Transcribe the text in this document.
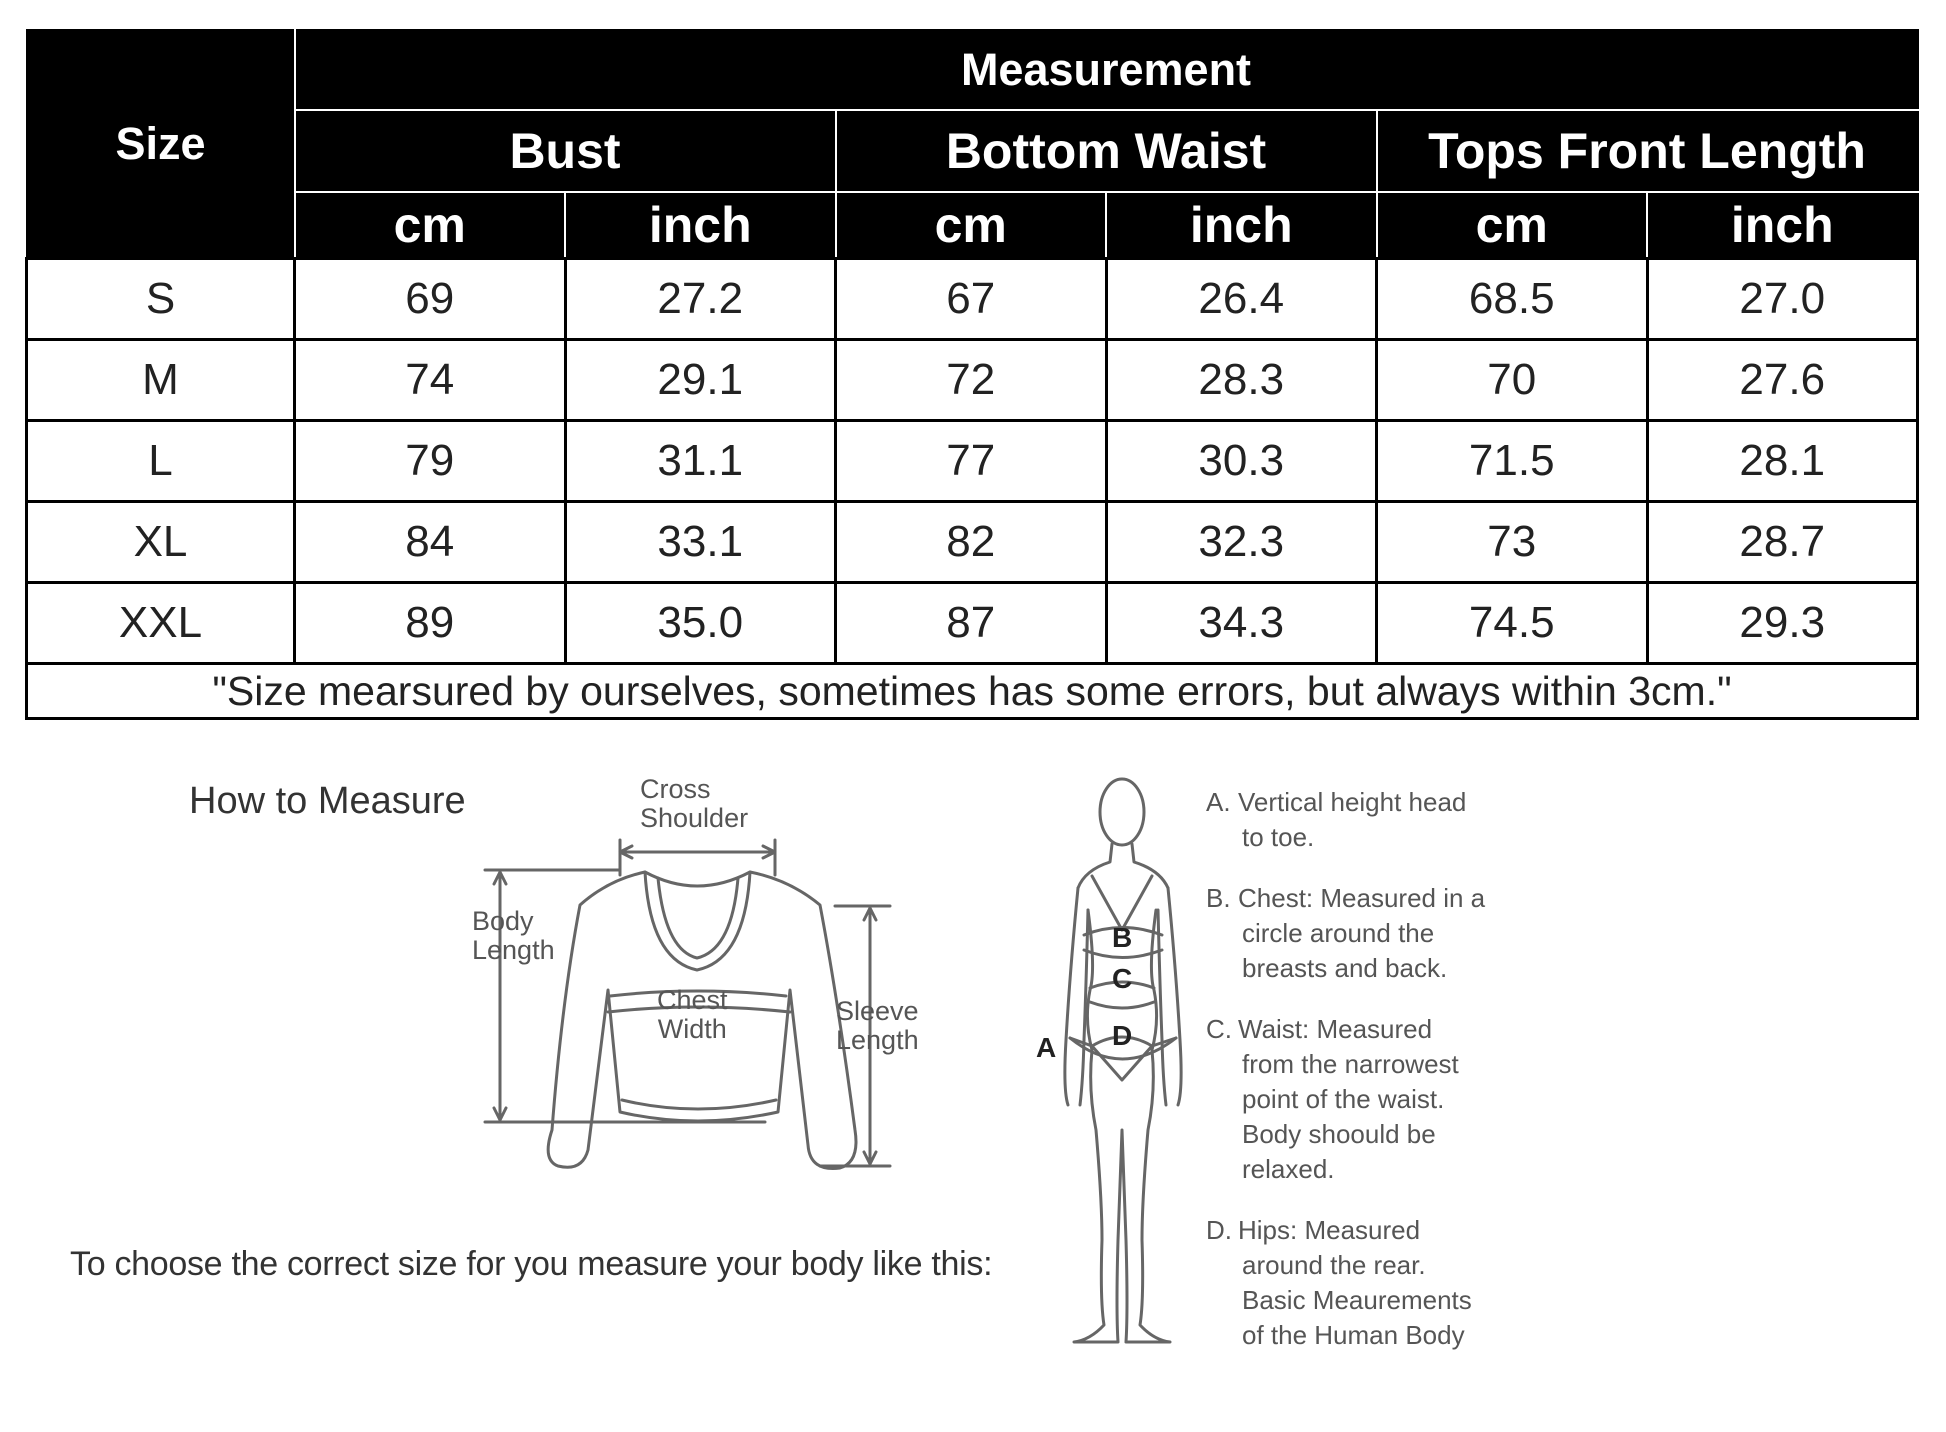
Size	Measurement					
	Bust		Bottom Waist		Tops Front Length	
	cm	inch	cm	inch	cm	inch
S	69	27.2	67	26.4	68.5	27.0
M	74	29.1	72	28.3	70	27.6
L	79	31.1	77	30.3	71.5	28.1
XL	84	33.1	82	32.3	73	28.7
XXL	89	35.0	87	34.3	74.5	29.3
"Size mearsured by ourselves, sometimes has some errors, but always within 3cm."						
How to Measure	Cross
Shoulder
Body
Length
Chest
Width
Sleeve
Length
To choose the correct size for you measure your body like this:
B
C
D
A
A. Vertical height head
to toe.
B. Chest: Measured in a
circle around the
breasts and back.
C. Waist: Measured
from the narrowest
point of the waist.
Body shoould be
relaxed.
D. Hips: Measured
around the rear.
Basic Meaurements
of the Human Body
